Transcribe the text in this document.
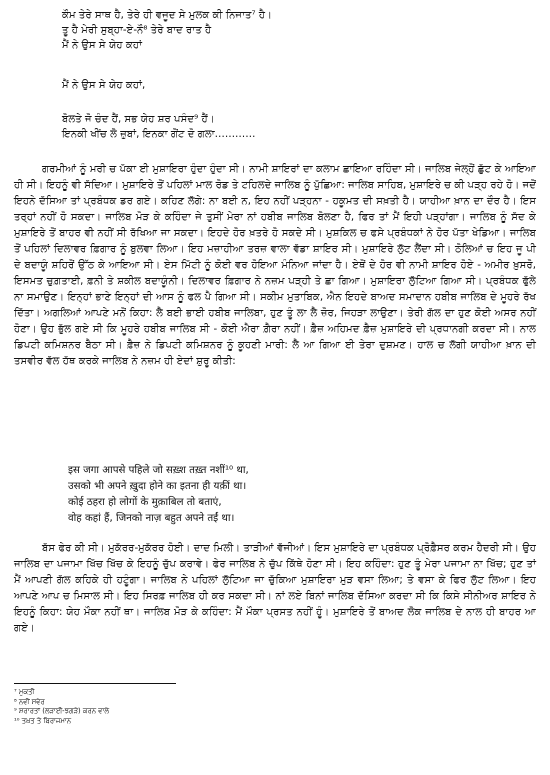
ਕੌਮ ਤੇਰੇ ਸਾਥ ਹੈ, ਤੇਰੇ ਹੀ ਵਜੂਦ ਸੇ ਮੁਲਕ ਕੀ ਨਿਜਾਤ⁷ ਹੈ।
ਤੂ ਹੈ ਮੇਰੀ ਸੁਬ੍ਹਾ-ਏ-ਨੌ⁸ ਤੇਰੇ ਬਾਦ ਰਾਤ ਹੈ
ਮੈਂ ਨੇ ਉਸ ਸੇ ਯੇਹ ਕਹਾਂ
ਮੈਂ ਨੇ ਉਸ ਸੇ ਯੇਹ ਕਹਾਂ,
ਬੋਲਤੇ ਜੋ ਚੰਦ ਹੈਂ, ਸਭ ਯੇਹ ਸ਼ਰ ਪਸੰਦ⁹ ਹੈਂ।
ਇਨਕੀ ਖੀਂਚ ਲੋ ਜ਼ੁਬਾਂ, ਇਨਕਾ ਗੋਂਟ ਦੋ ਗਲਾ…………

ਗਰਮੀਆਂ ਨੂੰ ਮਰੀ ਚ ਪੱਕਾ ਈ ਮੁਸ਼ਾਇਰਾ ਹੁੰਦਾ ਹੁੰਦਾ ਸੀ। ਨਾਮੀ ਸ਼ਾਇਰਾਂ ਦਾ ਕਲਾਮ ਛਾਇਆ ਰਹਿੰਦਾ ਸੀ। ਜਾਲਿਬ ਜੇਲ੍ਹੋਂ ਛੁੱਟ ਕੇ ਆਇਆ ਹੀ ਸੀ। ਇਹਨੂੰ ਵੀ ਸੱਦਿਆ। ਮੁਸ਼ਾਇਰੇ ਤੋਂ ਪਹਿਲਾਂ ਮਾਲ ਰੋਡ ਤੇ ਟਹਿਲਦੇ ਜਾਲਿਬ ਨੂੰ ਪੁੱਛਿਆ: ਜਾਲਿਬ ਸਾਹਿਬ, ਮੁਸ਼ਾਇਰੇ ਚ ਕੀ ਪੜ੍ਹ ਰਹੇ ਹੋ। ਜਦੋਂ ਇਹਨੇ ਦੱਸਿਆ ਤਾਂ ਪ੍ਰਬੰਧਕ ਡਰ ਗਏ। ਕਹਿਣ ਲੱਗੇ: ਨਾ ਬਈ ਨ, ਇਹ ਨਹੀਂ ਪੜ੍ਹਨਾ - ਹਕੂਮਤ ਦੀ ਸਖ਼ਤੀ ਹੈ। ਯਾਹੀਆ ਖ਼ਾਨ ਦਾ ਦੌਰ ਹੈ। ਇਸ ਤਰ੍ਹਾਂ ਨਹੀਂ ਹੋ ਸਕਦਾ। ਜਾਲਿਬ ਮੋੜ ਕੇ ਕਹਿੰਦਾ ਜੇ ਤੁਸੀਂ ਮੇਰਾ ਨਾਂ ਹਬੀਬ ਜਾਲਿਬ ਬੋਲਣਾ ਹੈ, ਫਿਰ ਤਾਂ ਮੈਂ ਇਹੀ ਪੜ੍ਹਾਂਗਾ। ਜਾਲਿਬ ਨੂੰ ਸੱਦ ਕੇ ਮੁਸ਼ਾਇਰੇ ਤੋਂ ਬਾਹਰ ਵੀ ਨਹੀਂ ਸੀ ਰੱਖਿਆ ਜਾ ਸਕਦਾ। ਇਹਦੇ ਹੋਰ ਖ਼ਤਰੇ ਹੋ ਸਕਦੇ ਸੀ। ਮੁਸ਼ਕਿਲ ਚ ਫਸੇ ਪ੍ਰਬੰਧਕਾਂ ਨੇ ਹੋਰ ਪੱਤਾ ਖੇਡਿਆ। ਜਾਲਿਬ ਤੋਂ ਪਹਿਲਾਂ ਦਿਲਾਵਰ ਫ਼ਿਗਾਰ ਨੂੰ ਬੁਲਵਾ ਲਿਆ। ਇਹ ਮਜ਼ਾਹੀਆ ਤਰਜ਼ ਵਾਲਾ ਵੱਡਾ ਸ਼ਾਇਰ ਸੀ। ਮੁਸ਼ਾਇਰੇ ਲੁੱਟ ਲੈਂਦਾ ਸੀ। ਠੋਲਿਆਂ ਚ ਇਹ ਜੂ ਪੀ ਦੇ ਬਦਾਯੂੰ ਸ਼ਹਿਰੋਂ ਉੱਠ ਕੇ ਆਇਆ ਸੀ। ਏਸ ਮਿੱਟੀ ਨੂੰ ਕੋਈ ਵਰ ਹੋਇਆ ਮੰਨਿਆ ਜਾਂਦਾ ਹੈ। ਏਥੋਂ ਦੇ ਹੋਰ ਵੀ ਨਾਮੀ ਸ਼ਾਇਰ ਹੋਏ - ਅਮੀਰ ਖ਼ੁਸਰੋ, ਇਸਮਤ ਚੁਗ਼ਤਾਈ, ਫ਼ਨੀ ਤੇ ਸ਼ਕੀਲ ਬਦਾਯੂੰਨੀ। ਦਿਲਾਵਰ ਫ਼ਿਗਾਰ ਨੇ ਨਜ਼ਮ ਪੜ੍ਹੀ ਤੇ ਛਾ ਗਿਆ। ਮੁਸ਼ਾਇਰਾ ਲੁੱਟਿਆ ਗਿਆ ਸੀ। ਪ੍ਰਬੰਧਕ ਫੁੱਲੇ ਨਾ ਸਮਾਉਣ। ਇਨ੍ਹਾਂ ਭਾਣੇ ਇਨ੍ਹਾਂ ਦੀ ਆਸ ਨੂੰ ਫਲ ਪੈ ਗਿਆ ਸੀ। ਸਕੀਮ ਮੁਤਾਬਿਕ, ਐਨ ਇਹਦੇ ਬਾਅਦ ਸਮਾਦਾਨ ਹਬੀਬ ਜਾਲਿਬ ਦੇ ਮੂਹਰੇ ਰੱਖ ਦਿੱਤਾ। ਅਗਲਿਆਂ ਆਪਣੇ ਮਨੋਂ ਕਿਹਾ: ਲੈ ਬਈ ਭਾਈ ਹਬੀਬ ਜਾਲਿਬਾ, ਹੁਣ ਤੂੰ ਲਾ ਲੈ ਜ਼ੋਰ, ਜਿਹੜਾ ਲਾਉਣਾ। ਤੇਰੀ ਗੱਲ ਦਾ ਹੁਣ ਕੋਈ ਅਸਰ ਨਹੀਂ ਹੋਣਾ। ਉਹ ਭੁੱਲ ਗਏ ਸੀ ਕਿ ਮੂਹਰੇ ਹਬੀਬ ਜਾਲਿਬ ਸੀ - ਕੋਈ ਐਰਾ ਗ਼ੈਰਾ ਨਹੀਂ। ਫ਼ੈਜ਼ ਅਹਿਮਦ ਫ਼ੈਜ਼ ਮੁਸ਼ਾਇਰੇ ਦੀ ਪ੍ਰਧਾਨਗੀ ਕਰਦਾ ਸੀ। ਨਾਲ ਡਿਪਟੀ ਕਮਿਸ਼ਨਰ ਬੈਠਾ ਸੀ। ਫ਼ੈਜ਼ ਨੇ ਡਿਪਟੀ ਕਮਿਸ਼ਨਰ ਨੂੰ ਕੂਹਣੀ ਮਾਰੀ: ਲੈ ਆ ਗਿਆ ਈ ਤੇਰਾ ਦੁਸ਼ਮਣ। ਹਾਲ ਚ ਲੱਗੀ ਯਾਹੀਆ ਖ਼ਾਨ ਦੀ ਤਸਵੀਰ ਵੱਲ ਹੱਥ ਕਰਕੇ ਜਾਲਿਬ ਨੇ ਨਜ਼ਮ ਹੀ ਏਦਾਂ ਸ਼ੁਰੂ ਕੀਤੀ:

इस जगा आपसे पहिले जो सख़्श तख़्त नशीं¹⁰ था,
उसको भी अपने ख़ुदा होने का इतना ही यक़ीं था।
कोई ठहरा हो लोगों के मुक़ाबिल तो बताएं,
वोह कहां हैं, जिनको नाज़ बहुत अपने तईं था।

ਬੱਸ ਫੇਰ ਕੀ ਸੀ। ਮੁਕੱਰਰ-ਮੁਕੱਰਰ ਹੋਈ। ਦਾਦ ਮਿਲੀ। ਤਾੜੀਆਂ ਵੱਜੀਆਂ। ਇਸ ਮੁਸ਼ਾਇਰੇ ਦਾ ਪ੍ਰਬੰਧਕ ਪ੍ਰੋਫ਼ੈਸਰ ਕਰਮ ਹੈਦਰੀ ਸੀ। ਉਹ ਜਾਲਿਬ ਦਾ ਪਜਾਮਾ ਖਿੱਚ ਖਿੱਚ ਕੇ ਇਹਨੂੰ ਚੁੱਪ ਕਰਾਵੇ। ਫੇਰ ਜਾਲਿਬ ਨੇ ਚੁੱਪ ਕਿੱਥੇ ਹੋਣਾ ਸੀ। ਇਹ ਕਹਿੰਦਾ: ਹੁਣ ਤੂੰ ਮੇਰਾ ਪਜਾਮਾ ਨਾ ਖਿੱਚ; ਹੁਣ ਤਾਂ ਮੈਂ ਆਪਣੀ ਗੱਲ ਕਹਿਕੇ ਹੀ ਹਟੂੰਗਾ। ਜਾਲਿਬ ਨੇ ਪਹਿਲਾਂ ਲੁੱਟਿਆ ਜਾ ਚੁੱਕਿਆ ਮੁਸ਼ਾਇਰਾ ਮੁੜ ਵਸਾ ਲਿਆ; ਤੇ ਵਸਾ ਕੇ ਫਿਰ ਲੁੱਟ ਲਿਆ। ਇਹ ਆਪਣੇ ਆਪ ਚ ਮਿਸਾਲ ਸੀ। ਇਹ ਸਿਰਫ਼ ਜਾਲਿਬ ਹੀ ਕਰ ਸਕਦਾ ਸੀ। ਨਾਂ ਲਏ ਬਿਨਾਂ ਜਾਲਿਬ ਦੱਸਿਆ ਕਰਦਾ ਸੀ ਕਿ ਕਿਸੇ ਸੀਨੀਅਰ ਸ਼ਾਇਰ ਨੇ ਇਹਨੂੰ ਕਿਹਾ: ਯੇਹ ਮੌਕਾ ਨਹੀਂ ਥਾ। ਜਾਲਿਬ ਮੋੜ ਕੇ ਕਹਿੰਦਾ: ਮੈਂ ਮੌਕਾ ਪ੍ਰਸਤ ਨਹੀਂ ਹੂੰ। ਮੁਸ਼ਾਇਰੇ ਤੋਂ ਬਾਅਦ ਲੋਕ ਜਾਲਿਬ ਦੇ ਨਾਲ ਹੀ ਬਾਹਰ ਆ ਗਏ।

⁷ ਮੁਕਤੀ
⁸ ਨਵੀਂ ਸਵੇਰ
⁹ ਸ਼ਰਾਰਤਾਂ (ਲੜਾਈ-ਝਗੜੇ) ਕਰਨ ਵਾਲੇ
¹⁰ ਤਖ਼ਤ ਤੇ ਬਿਰਾਜਮਾਨ
